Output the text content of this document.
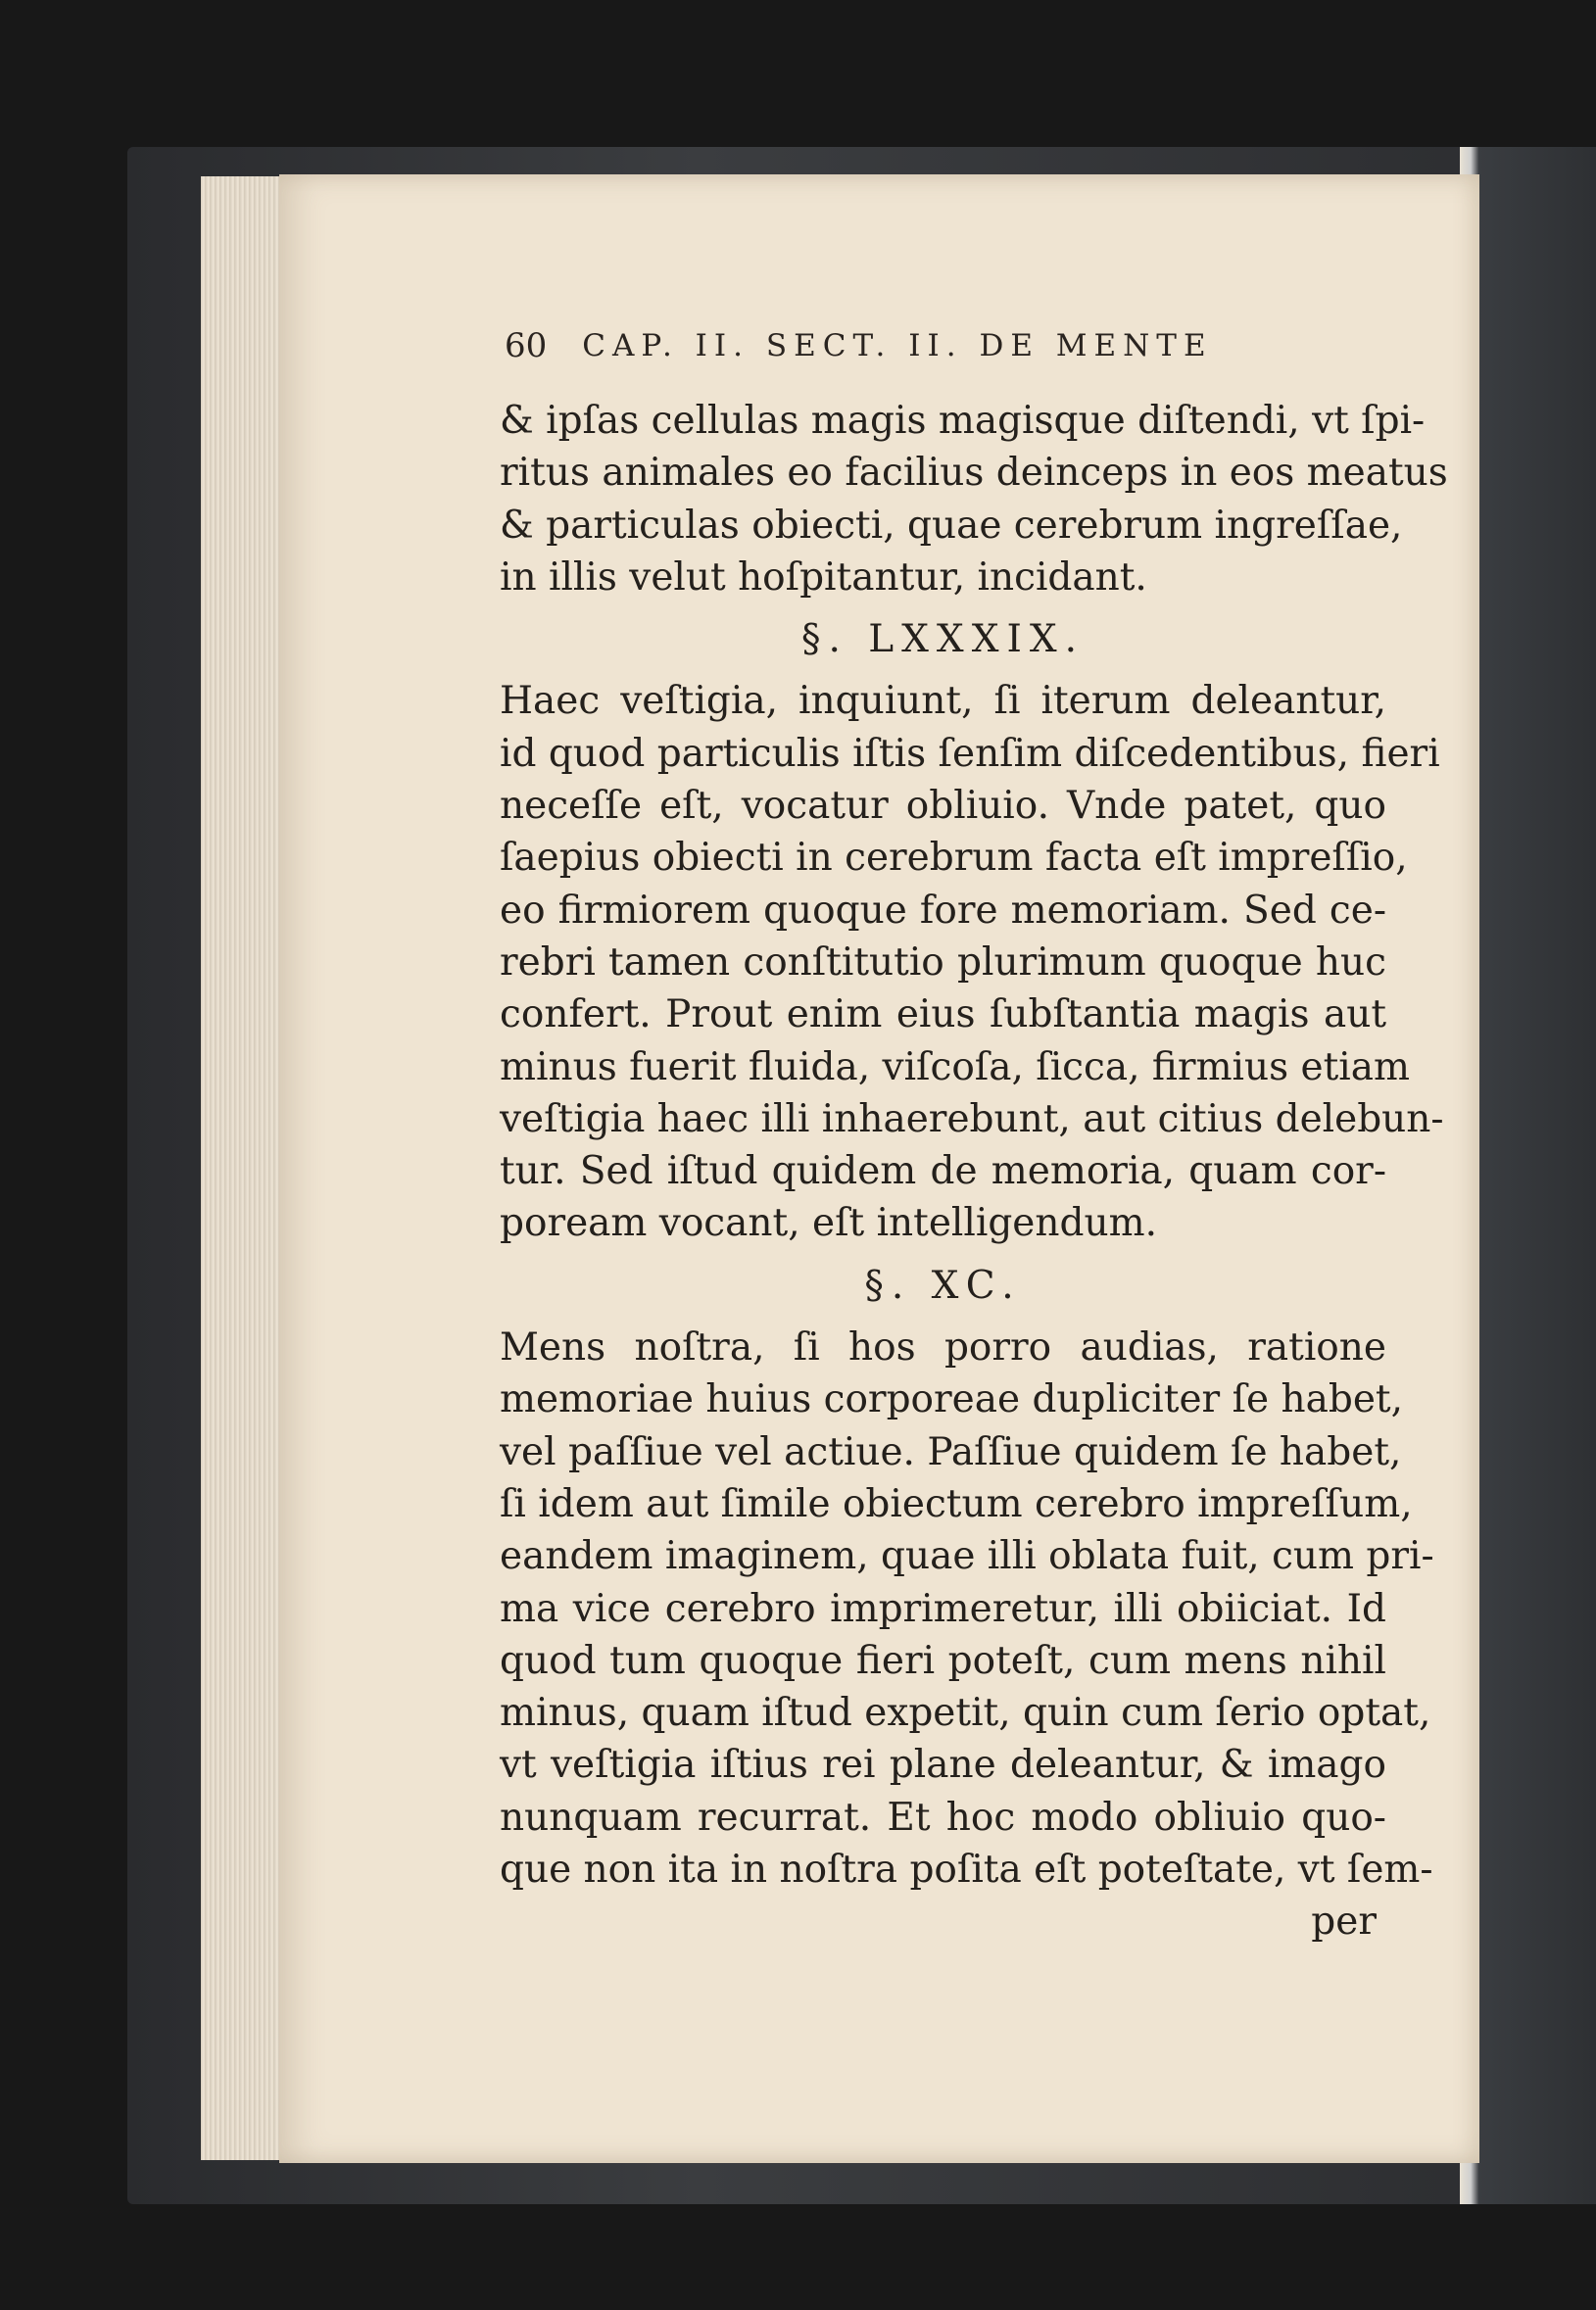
60 CAP. II. SECT. II. DE MENTE

& ipſas cellulas magis magisque diſtendi, vt ſpi-
ritus animales eo facilius deinceps in eos meatus
& particulas obiecti, quae cerebrum ingreſſae,
in illis velut hoſpitantur, incidant.

§. LXXXIX.

Haec veſtigia, inquiunt, ſi iterum deleantur,
id quod particulis iſtis ſenſim diſcedentibus, fieri
neceſſe eſt, vocatur obliuio. Vnde patet, quo
ſaepius obiecti in cerebrum facta eſt impreſſio,
eo firmiorem quoque fore memoriam. Sed ce-
rebri tamen conſtitutio plurimum quoque huc
confert. Prout enim eius ſubſtantia magis aut
minus fuerit fluida, viſcoſa, ſicca, firmius etiam
veſtigia haec illi inhaerebunt, aut citius delebun-
tur. Sed iſtud quidem de memoria, quam cor-
poream vocant, eſt intelligendum.

§. XC.

Mens noſtra, ſi hos porro audias, ratione
memoriae huius corporeae dupliciter ſe habet,
vel paſſiue vel actiue. Paſſiue quidem ſe habet,
ſi idem aut ſimile obiectum cerebro impreſſum,
eandem imaginem, quae illi oblata fuit, cum pri-
ma vice cerebro imprimeretur, illi obiiciat. Id
quod tum quoque fieri poteſt, cum mens nihil
minus, quam iſtud expetit, quin cum ſerio optat,
vt veſtigia iſtius rei plane deleantur, & imago
nunquam recurrat. Et hoc modo obliuio quo-
que non ita in noſtra poſita eſt poteſtate, vt ſem-

per
